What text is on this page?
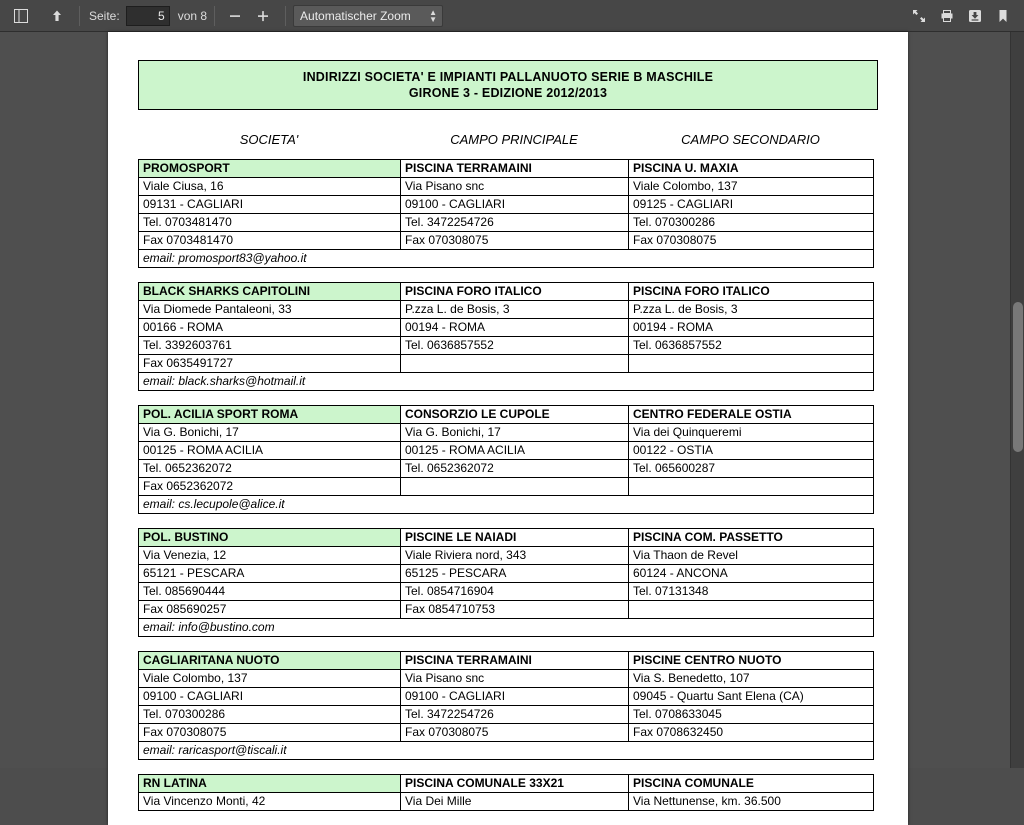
Seite:
5	von 8	Automatischer Zoom ▲
▼
INDIRIZZI SOCIETA' E IMPIANTI PALLANUOTO SERIE B MASCHILE
GIRONE 3 - EDIZIONE 2012/2013
SOCIETA'	CAMPO PRINCIPALE	CAMPO SECONDARIO
PROMOSPORT	PISCINA TERRAMAINI	PISCINA U. MAXIA
Viale Ciusa, 16	Via Pisano snc	Viale Colombo, 137
09131 - CAGLIARI	09100 - CAGLIARI	09125 - CAGLIARI
Tel. 0703481470	Tel. 3472254726	Tel. 070300286
Fax 0703481470	Fax 070308075	Fax 070308075
email: promosport83@yahoo.it
BLACK SHARKS CAPITOLINI	PISCINA FORO ITALICO	PISCINA FORO ITALICO
Via Diomede Pantaleoni, 33	P.zza L. de Bosis, 3	P.zza L. de Bosis, 3
00166 - ROMA	00194 - ROMA	00194 - ROMA
Tel. 3392603761	Tel. 0636857552	Tel. 0636857552
Fax 0635491727

email: black.sharks@hotmail.it
POL. ACILIA SPORT ROMA	CONSORZIO LE CUPOLE	CENTRO FEDERALE OSTIA
Via G. Bonichi, 17	Via G. Bonichi, 17	Via dei Quinqueremi
00125 - ROMA ACILIA	00125 - ROMA ACILIA	00122 - OSTIA
Tel. 0652362072	Tel. 0652362072	Tel. 065600287
Fax 0652362072

email: cs.lecupole@alice.it
POL. BUSTINO	PISCINE LE NAIADI	PISCINA COM. PASSETTO
Via Venezia, 12	Viale Riviera nord, 343	Via Thaon de Revel
65121 - PESCARA	65125 - PESCARA	60124 - ANCONA
Tel. 085690444	Tel. 0854716904	Tel. 07131348
Fax 085690257	Fax 0854710753

email: info@bustino.com
CAGLIARITANA NUOTO	PISCINA TERRAMAINI	PISCINE CENTRO NUOTO
Viale Colombo, 137	Via Pisano snc	Via S. Benedetto, 107
09100 - CAGLIARI	09100 - CAGLIARI	09045 - Quartu Sant Elena (CA)
Tel. 070300286	Tel. 3472254726	Tel. 0708633045
Fax 070308075	Fax 070308075	Fax 0708632450
email: raricasport@tiscali.it
RN LATINA	PISCINA COMUNALE 33X21	PISCINA COMUNALE
Via Vincenzo Monti, 42	Via Dei Mille	Via Nettunense, km. 36.500
